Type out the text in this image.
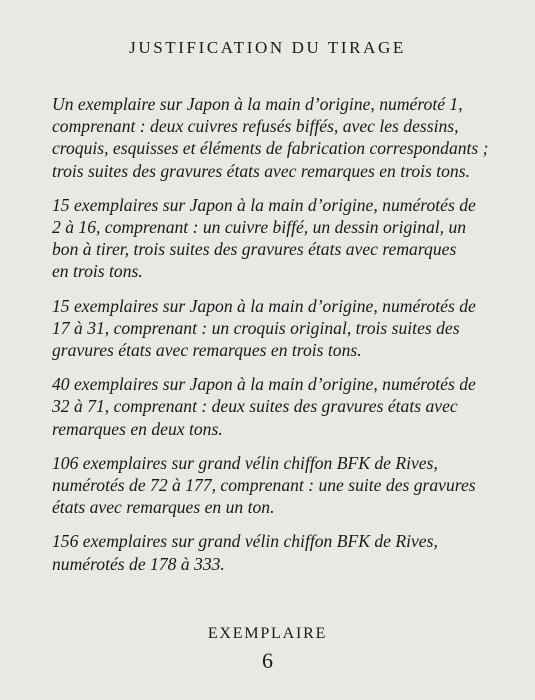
JUSTIFICATION DU TIRAGE

Un exemplaire sur Japon à la main d’origine, numéroté 1,
comprenant : deux cuivres refusés biffés, avec les dessins,
croquis, esquisses et éléments de fabrication correspondants ;
trois suites des gravures états avec remarques en trois tons.

15 exemplaires sur Japon à la main d’origine, numérotés de
2 à 16, comprenant : un cuivre biffé, un dessin original, un
bon à tirer, trois suites des gravures états avec remarques
en trois tons.

15 exemplaires sur Japon à la main d’origine, numérotés de
17 à 31, comprenant : un croquis original, trois suites des
gravures états avec remarques en trois tons.

40 exemplaires sur Japon à la main d’origine, numérotés de
32 à 71, comprenant : deux suites des gravures états avec
remarques en deux tons.

106 exemplaires sur grand vélin chiffon BFK de Rives,
numérotés de 72 à 177, comprenant : une suite des gravures
états avec remarques en un ton.

156 exemplaires sur grand vélin chiffon BFK de Rives,
numérotés de 178 à 333.

EXEMPLAIRE
6
